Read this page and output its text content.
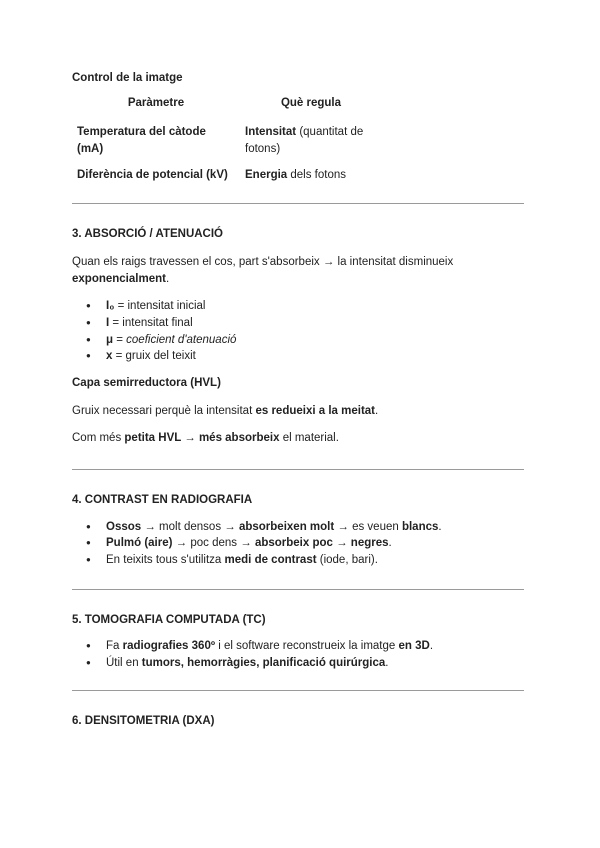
Control de la imatge
Paràmetre	Què regula
Temperatura del càtode (mA)	Intensitat (quantitat de fotons)
Diferència de potencial (kV)	Energia dels fotons

3. ABSORCIÓ / ATENUACIÓ

Quan els raigs travessen el cos, part s'absorbeix → la intensitat disminueix exponencialment.

● I₀ = intensitat inicial
● I = intensitat final
● μ = coeficient d'atenuació
● x = gruix del teixit

Capa semirreductora (HVL)

Gruix necessari perquè la intensitat es redueixi a la meitat.

Com més petita HVL → més absorbeix el material.

4. CONTRAST EN RADIOGRAFIA

● Ossos → molt densos → absorbeixen molt → es veuen blancs.
● Pulmó (aire) → poc dens → absorbeix poc → negres.
● En teixits tous s'utilitza medi de contrast (iode, bari).

5. TOMOGRAFIA COMPUTADA (TC)

● Fa radiografies 360º i el software reconstrueix la imatge en 3D.
● Útil en tumors, hemorràgies, planificació quirúrgica.

6. DENSITOMETRIA (DXA)
